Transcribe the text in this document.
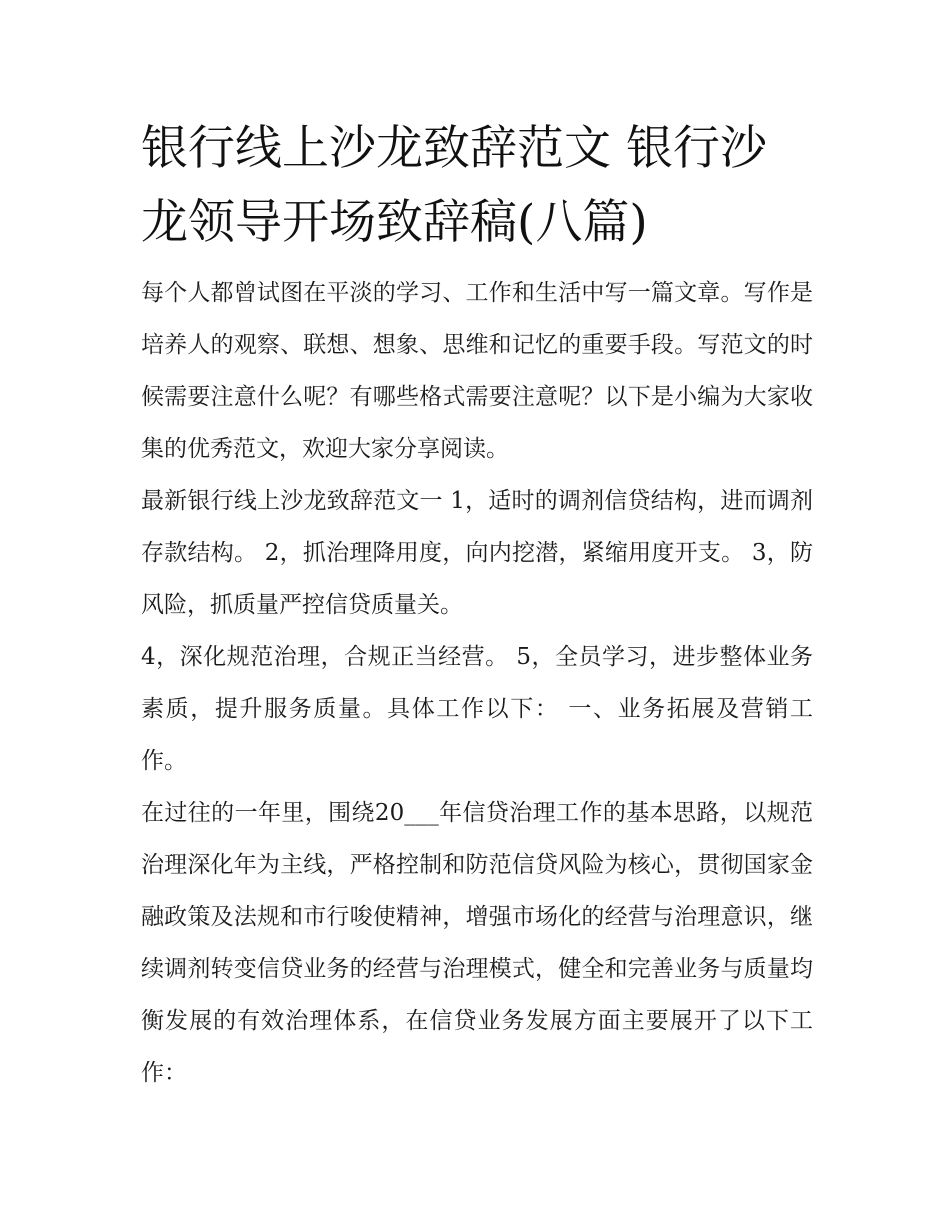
银行线上沙龙致辞范文 银行沙龙领导开场致辞稿(八篇)

每个人都曾试图在平淡的学习、工作和生活中写一篇文章。写作是培养人的观察、联想、想象、思维和记忆的重要手段。写范文的时候需要注意什么呢？有哪些格式需要注意呢？以下是小编为大家收集的优秀范文，欢迎大家分享阅读。

最新银行线上沙龙致辞范文一 1，适时的调剂信贷结构，进而调剂存款结构。 2，抓治理降用度，向内挖潜，紧缩用度开支。 3，防风险，抓质量严控信贷质量关。

4，深化规范治理，合规正当经营。 5，全员学习，进步整体业务素质，提升服务质量。具体工作以下： 一、业务拓展及营销工作。

在过往的一年里，围绕20___年信贷治理工作的基本思路，以规范治理深化年为主线，严格控制和防范信贷风险为核心，贯彻国家金融政策及法规和市行唆使精神，增强市场化的经营与治理意识，继续调剂转变信贷业务的经营与治理模式，健全和完善业务与质量均衡发展的有效治理体系，在信贷业务发展方面主要展开了以下工作：
